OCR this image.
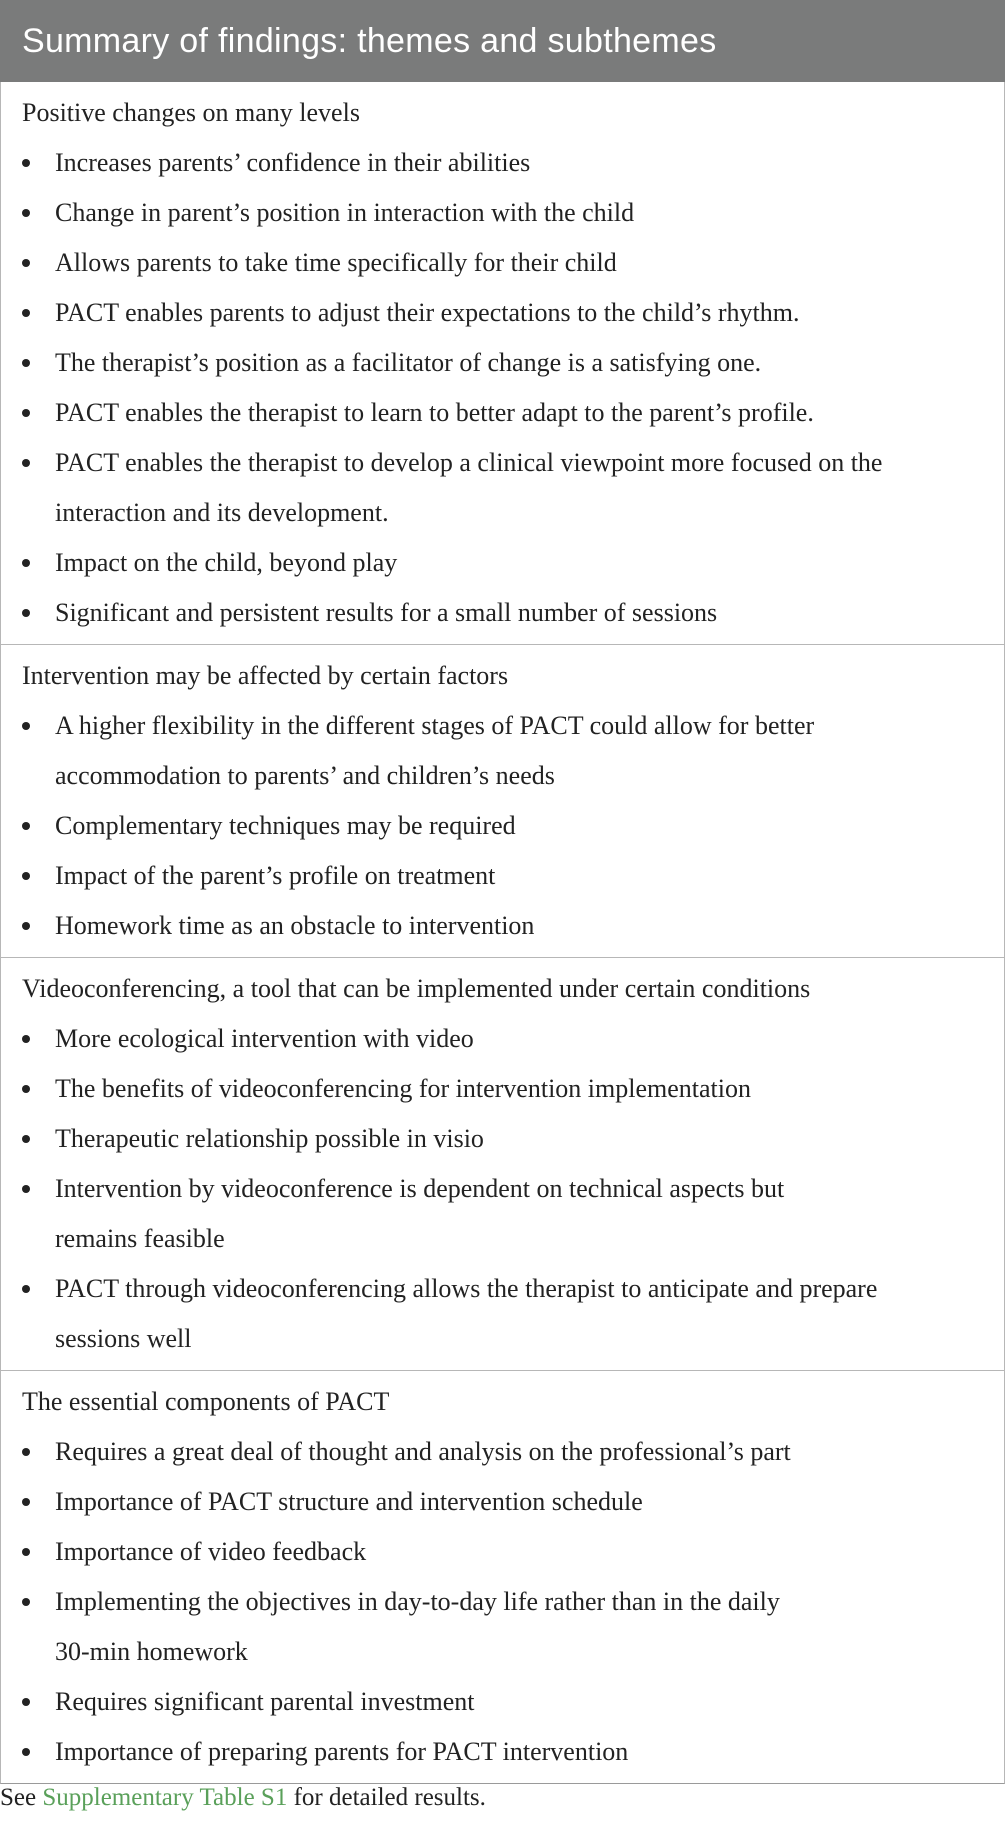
Summary of findings: themes and subthemes
Positive changes on many levels
Increases parents’ confidence in their abilities
Change in parent’s position in interaction with the child
Allows parents to take time specifically for their child
PACT enables parents to adjust their expectations to the child’s rhythm.
The therapist’s position as a facilitator of change is a satisfying one.
PACT enables the therapist to learn to better adapt to the parent’s profile.
PACT enables the therapist to develop a clinical viewpoint more focused on the
interaction and its development.
Impact on the child, beyond play
Significant and persistent results for a small number of sessions
Intervention may be affected by certain factors
A higher flexibility in the different stages of PACT could allow for better
accommodation to parents’ and children’s needs
Complementary techniques may be required
Impact of the parent’s profile on treatment
Homework time as an obstacle to intervention
Videoconferencing, a tool that can be implemented under certain conditions
More ecological intervention with video
The benefits of videoconferencing for intervention implementation
Therapeutic relationship possible in visio
Intervention by videoconference is dependent on technical aspects but
remains feasible
PACT through videoconferencing allows the therapist to anticipate and prepare
sessions well
The essential components of PACT
Requires a great deal of thought and analysis on the professional’s part
Importance of PACT structure and intervention schedule
Importance of video feedback
Implementing the objectives in day-to-day life rather than in the daily
30-min homework
Requires significant parental investment
Importance of preparing parents for PACT intervention
See Supplementary Table S1 for detailed results.
